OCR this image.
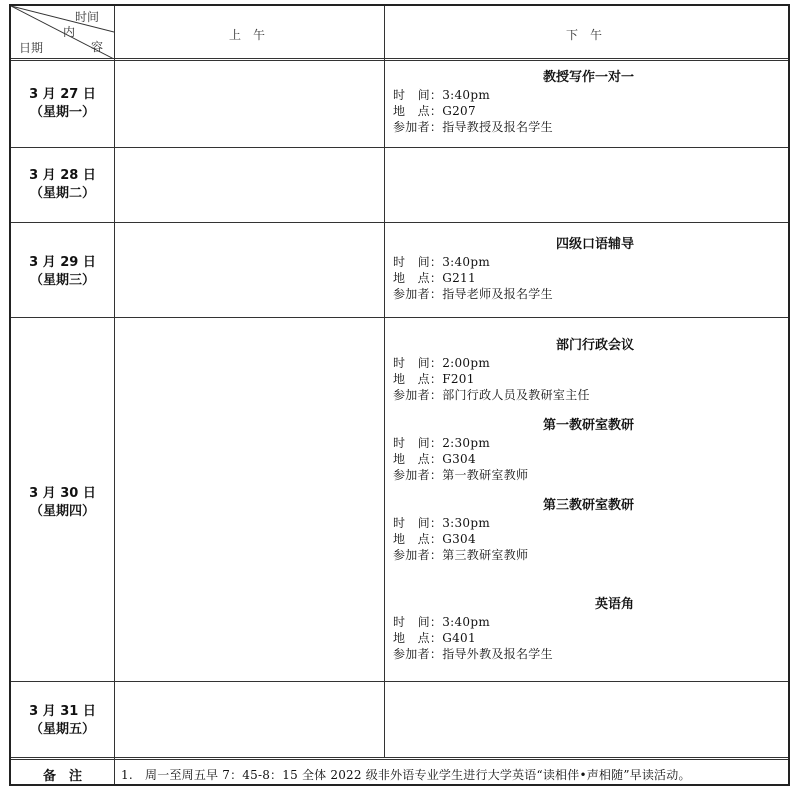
时间
内
容
日期
上　午	下　午
3 月 27 日
（星期一）
3 月 28 日
（星期二）
3 月 29 日
（星期三）
3 月 30 日
（星期四）
3 月 31 日
（星期五）
教授写作一对一
时　间：3:40pm
地　点：G207
参加者：指导教授及报名学生
四级口语辅导
时　间：3:40pm
地　点：G211
参加者：指导老师及报名学生
部门行政会议
时　间：2:00pm
地　点：F201
参加者：部门行政人员及教研室主任
第一教研室教研
时　间：2:30pm
地　点：G304
参加者：第一教研室教师
第三教研室教研
时　间：3:30pm
地　点：G304
参加者：第三教研室教师
英语角
时　间：3:40pm
地　点：G401
参加者：指导外教及报名学生
备　注	1.　周一至周五早 7：45-8：15 全体 2022 级非外语专业学生进行大学英语“读相伴•声相随”早读活动。
